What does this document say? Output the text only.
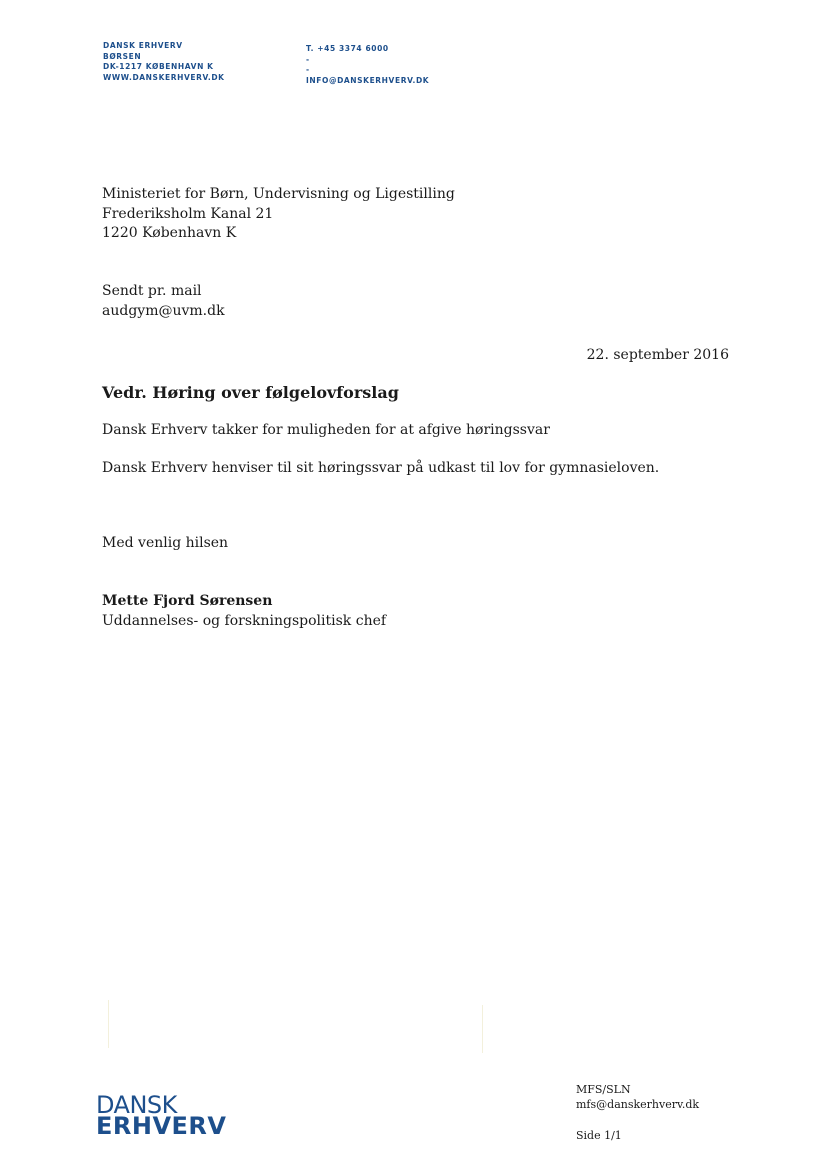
DANSK ERHVERV
BØRSEN
DK-1217 KØBENHAVN K
WWW.DANSKERHVERV.DK
T. +45 3374 6000
-
-
INFO@DANSKERHVERV.DK
Ministeriet for Børn, Undervisning og Ligestilling
Frederiksholm Kanal 21
1220 København K
Sendt pr. mail
audgym@uvm.dk
22. september 2016
Vedr. Høring over følgelovforslag
Dansk Erhverv takker for muligheden for at afgive høringssvar
Dansk Erhverv henviser til sit høringssvar på udkast til lov for gymnasieloven.
Med venlig hilsen
Mette Fjord Sørensen
Uddannelses- og forskningspolitisk chef
DANSK
ERHVERV
MFS/SLN
mfs@danskerhverv.dk
Side 1/1
